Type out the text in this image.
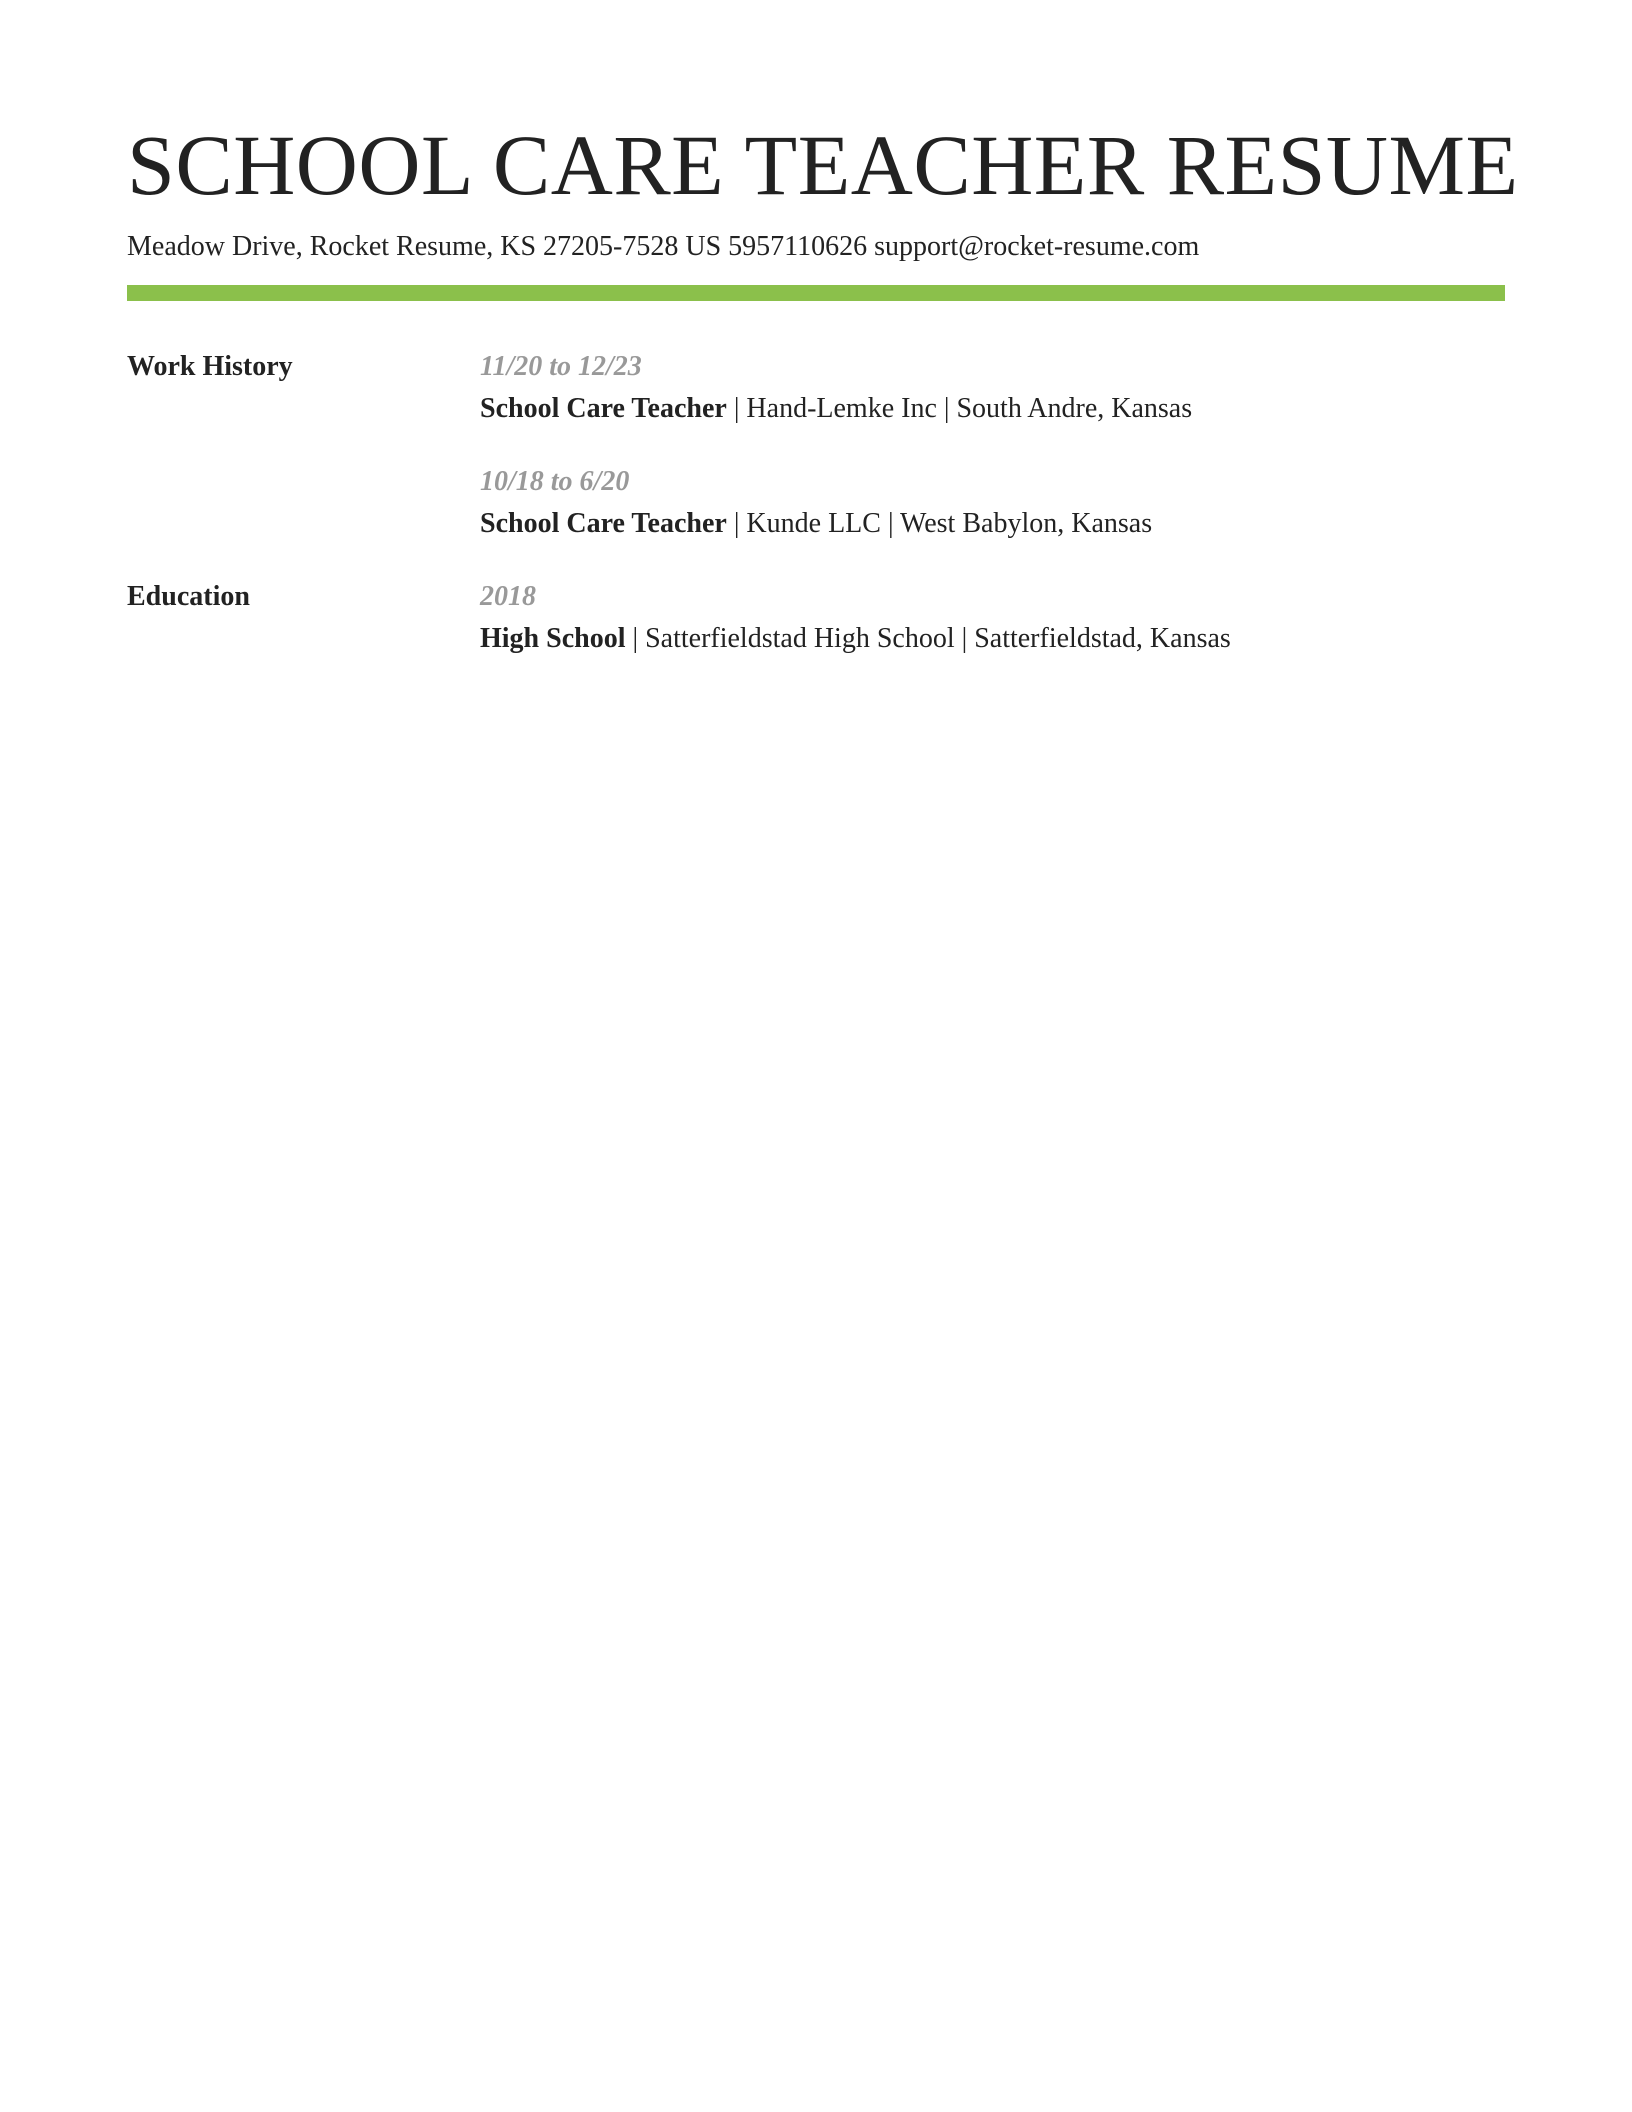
SCHOOL CARE TEACHER RESUME
Meadow Drive, Rocket Resume, KS 27205-7528 US 5957110626 support@rocket-resume.com
Work History	11/20 to 12/23
School Care Teacher | Hand-Lemke Inc | South Andre, Kansas
10/18 to 6/20
School Care Teacher | Kunde LLC | West Babylon, Kansas
Education	2018
High School | Satterfieldstad High School | Satterfieldstad, Kansas
